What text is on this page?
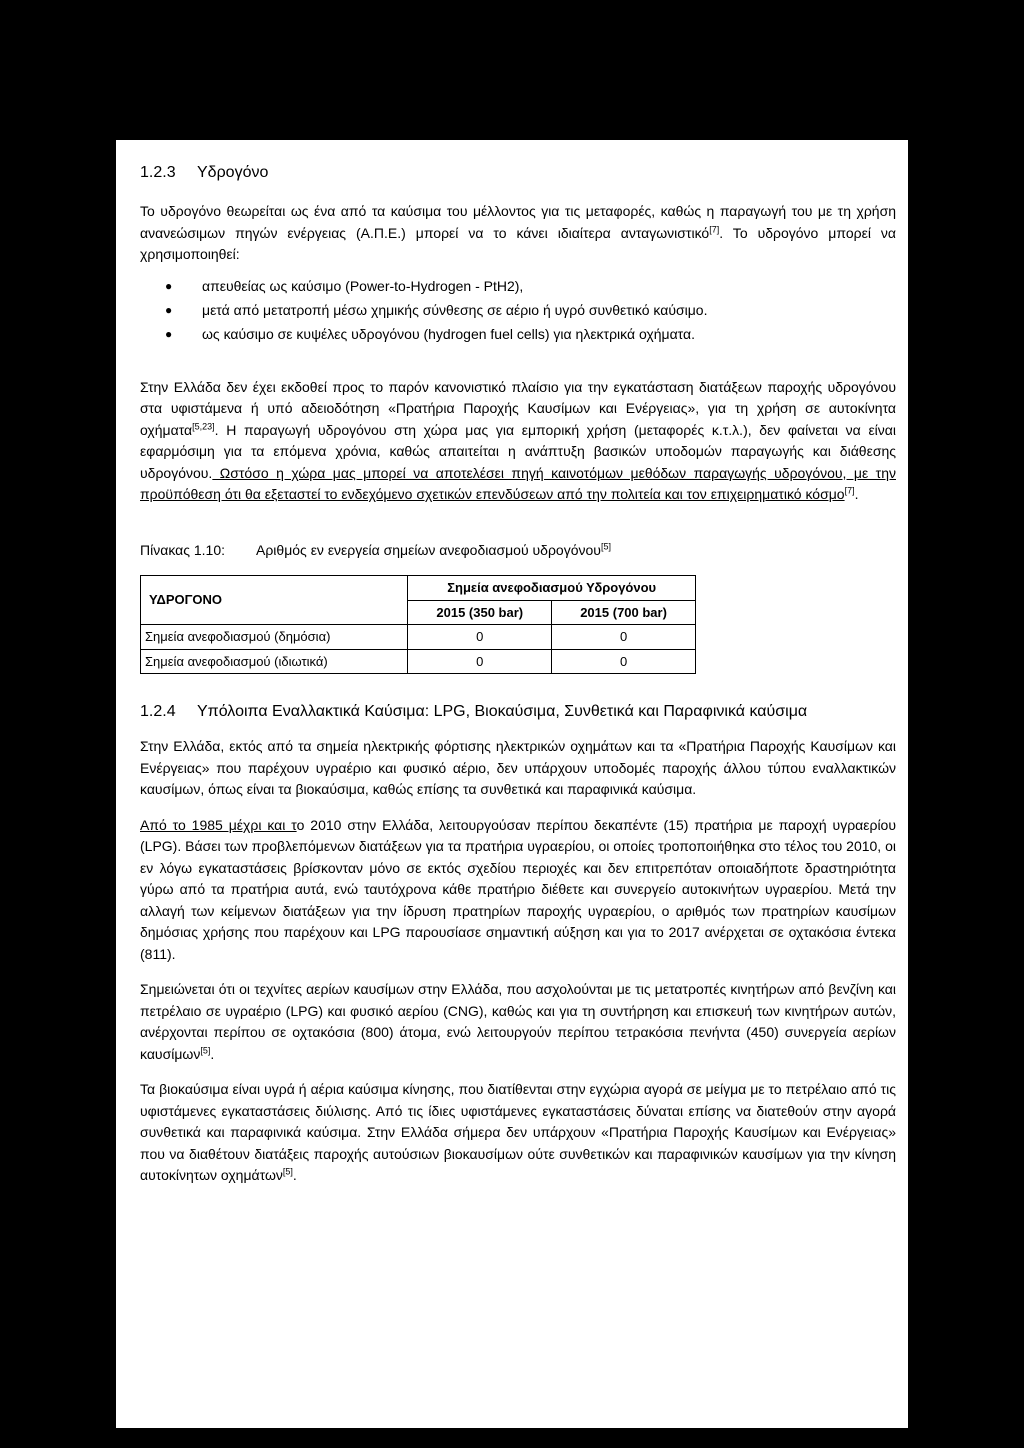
1.2.3 Υδρογόνο

Το υδρογόνο θεωρείται ως ένα από τα καύσιμα του μέλλοντος για τις μεταφορές, καθώς η παραγωγή του με τη χρήση ανανεώσιμων πηγών ενέργειας (Α.Π.Ε.) μπορεί να το κάνει ιδιαίτερα ανταγωνιστικό[7]. Το υδρογόνο μπορεί να χρησιμοποιηθεί:

● απευθείας ως καύσιμο (Power-to-Hydrogen - PtH2),
● μετά από μετατροπή μέσω χημικής σύνθεσης σε αέριο ή υγρό συνθετικό καύσιμο.
● ως καύσιμο σε κυψέλες υδρογόνου (hydrogen fuel cells) για ηλεκτρικά οχήματα.

Στην Ελλάδα δεν έχει εκδοθεί προς το παρόν κανονιστικό πλαίσιο για την εγκατάσταση διατάξεων παροχής υδρογόνου στα υφιστάμενα ή υπό αδειοδότηση «Πρατήρια Παροχής Καυσίμων και Ενέργειας», για τη χρήση σε αυτοκίνητα οχήματα[5,23]. Η παραγωγή υδρογόνου στη χώρα μας για εμπορική χρήση (μεταφορές κ.τ.λ.), δεν φαίνεται να είναι εφαρμόσιμη για τα επόμενα χρόνια, καθώς απαιτείται η ανάπτυξη βασικών υποδομών παραγωγής και διάθεσης υδρογόνου. Ωστόσο η χώρα μας μπορεί να αποτελέσει πηγή καινοτόμων μεθόδων παραγωγής υδρογόνου, με την προϋπόθεση ότι θα εξεταστεί το ενδεχόμενο σχετικών επενδύσεων από την πολιτεία και τον επιχειρηματικό κόσμο[7].

Πίνακας 1.10: Αριθμός εν ενεργεία σημείων ανεφοδιασμού υδρογόνου[5]
ΥΔΡΟΓΟΝΟ	Σημεία ανεφοδιασμού Υδρογόνου	
	2015 (350 bar)	2015 (700 bar)
Σημεία ανεφοδιασμού (δημόσια)	0	0
Σημεία ανεφοδιασμού (ιδιωτικά)	0	0
1.2.4 Υπόλοιπα Εναλλακτικά Καύσιμα: LPG, Βιοκαύσιμα, Συνθετικά και Παραφινικά καύσιμα

Στην Ελλάδα, εκτός από τα σημεία ηλεκτρικής φόρτισης ηλεκτρικών οχημάτων και τα «Πρατήρια Παροχής Καυσίμων και Ενέργειας» που παρέχουν υγραέριο και φυσικό αέριο, δεν υπάρχουν υποδομές παροχής άλλου τύπου εναλλακτικών καυσίμων, όπως είναι τα βιοκαύσιμα, καθώς επίσης τα συνθετικά και παραφινικά καύσιμα.

Από το 1985 μέχρι και το 2010 στην Ελλάδα, λειτουργούσαν περίπου δεκαπέντε (15) πρατήρια με παροχή υγραερίου (LPG). Βάσει των προβλεπόμενων διατάξεων για τα πρατήρια υγραερίου, οι οποίες τροποποιήθηκα στο τέλος του 2010, οι εν λόγω εγκαταστάσεις βρίσκονταν μόνο σε εκτός σχεδίου περιοχές και δεν επιτρεπόταν οποιαδήποτε δραστηριότητα γύρω από τα πρατήρια αυτά, ενώ ταυτόχρονα κάθε πρατήριο διέθετε και συνεργείο αυτοκινήτων υγραερίου. Μετά την αλλαγή των κείμενων διατάξεων για την ίδρυση πρατηρίων παροχής υγραερίου, ο αριθμός των πρατηρίων καυσίμων δημόσιας χρήσης που παρέχουν και LPG παρουσίασε σημαντική αύξηση και για το 2017 ανέρχεται σε οχτακόσια έντεκα (811).

Σημειώνεται ότι οι τεχνίτες αερίων καυσίμων στην Ελλάδα, που ασχολούνται με τις μετατροπές κινητήρων από βενζίνη και πετρέλαιο σε υγραέριο (LPG) και φυσικό αερίου (CNG), καθώς και για τη συντήρηση και επισκευή των κινητήρων αυτών, ανέρχονται περίπου σε οχτακόσια (800) άτομα, ενώ λειτουργούν περίπου τετρακόσια πενήντα (450) συνεργεία αερίων καυσίμων[5].

Τα βιοκαύσιμα είναι υγρά ή αέρια καύσιμα κίνησης, που διατίθενται στην εγχώρια αγορά σε μείγμα με το πετρέλαιο από τις υφιστάμενες εγκαταστάσεις διύλισης. Από τις ίδιες υφιστάμενες εγκαταστάσεις δύναται επίσης να διατεθούν στην αγορά συνθετικά και παραφινικά καύσιμα. Στην Ελλάδα σήμερα δεν υπάρχουν «Πρατήρια Παροχής Καυσίμων και Ενέργειας» που να διαθέτουν διατάξεις παροχής αυτούσιων βιοκαυσίμων ούτε συνθετικών και παραφινικών καυσίμων για την κίνηση αυτοκίνητων οχημάτων[5].
